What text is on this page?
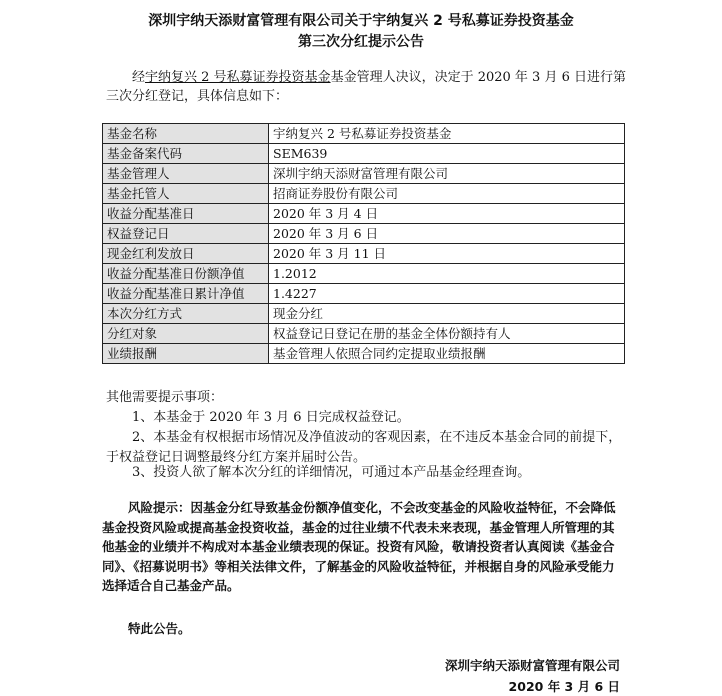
深圳宇纳天添财富管理有限公司关于宇纳复兴 2 号私募证券投资基金
第三次分红提示公告
经宇纳复兴 2 号私募证券投资基金基金管理人决议，决定于 2020 年 3 月 6 日进行第三次分红登记，具体信息如下：
基金名称	宇纳复兴 2 号私募证券投资基金
基金备案代码	SEM639
基金管理人	深圳宇纳天添财富管理有限公司
基金托管人	招商证券股份有限公司
收益分配基准日	2020 年 3 月 4 日
权益登记日	2020 年 3 月 6 日
现金红利发放日	2020 年 3 月 11 日
收益分配基准日份额净值	1.2012
收益分配基准日累计净值	1.4227
本次分红方式	现金分红
分红对象	权益登记日登记在册的基金全体份额持有人
业绩报酬	基金管理人依照合同约定提取业绩报酬
其他需要提示事项：
1、本基金于 2020 年 3 月 6 日完成权益登记。
2、本基金有权根据市场情况及净值波动的客观因素，在不违反本基金合同的前提下，于权益登记日调整最终分红方案并届时公告。
3、投资人欲了解本次分红的详细情况，可通过本产品基金经理查询。
风险提示：因基金分红导致基金份额净值变化，不会改变基金的风险收益特征，不会降低基金投资风险或提高基金投资收益，基金的过往业绩不代表未来表现，基金管理人所管理的其他基金的业绩并不构成对本基金业绩表现的保证。投资有风险，敬请投资者认真阅读《基金合同》、《招募说明书》等相关法律文件，了解基金的风险收益特征，并根据自身的风险承受能力选择适合自己基金产品。
特此公告。
深圳宇纳天添财富管理有限公司
2020 年 3 月 6 日
